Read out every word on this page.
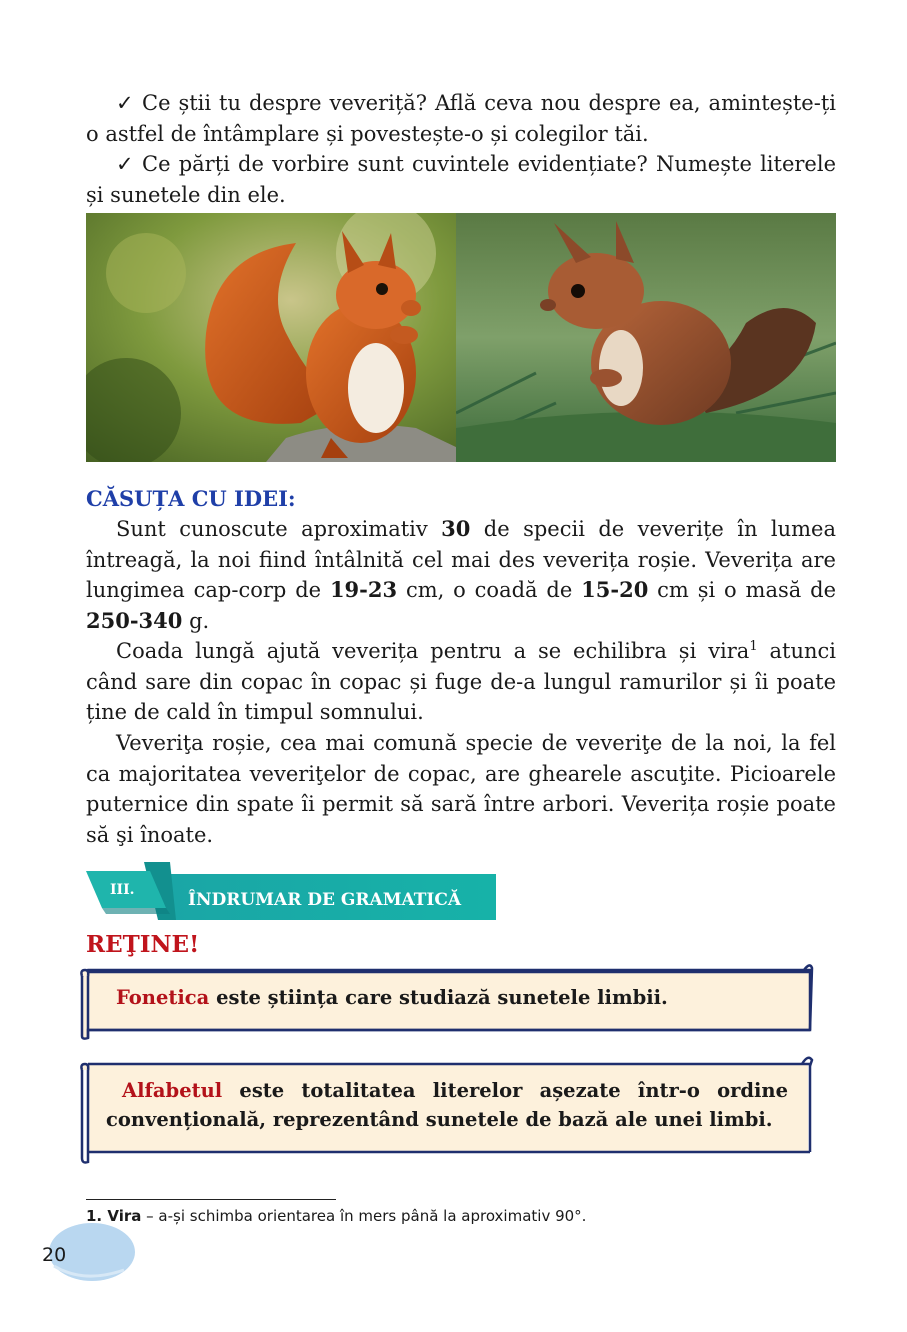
✓ Ce știi tu despre veveriță? Află ceva nou despre ea, amintește-ți o astfel de întâmplare și povestește-o și colegilor tăi.

✓ Ce părți de vorbire sunt cuvintele evidențiate? Numește literele și sunetele din ele.

CĂSUȚA CU IDEI:

Sunt cunoscute aproximativ 30 de specii de veverițe în lumea întreagă, la noi fiind întâlnită cel mai des veverița roșie. Veverița are lungimea cap-corp de 19-23 cm, o coadă de 15-20 cm și o masă de 250-340 g.

Coada lungă ajută veverița pentru a se echilibra și vira$^1$ atunci când sare din copac în copac și fuge de-a lungul ramurilor și îi poate ține de cald în timpul somnului.

Veveriţa roșie, cea mai comună specie de veveriţe de la noi, la fel ca majoritatea veveriţelor de copac, are ghearele ascuţite. Picioarele puternice din spate îi permit să sară între arbori. Veverița roșie poate să şi înoate.

III.	ÎNDRUMAR DE GRAMATICĂ
REŢINE!

Fonetica este știința care studiază sunetele limbii.

Alfabetul este totalitatea literelor așezate într-o ordine convențională, reprezentând sunetele de bază ale unei limbi.

1. Vira – a-și schimba orientarea în mers până la aproximativ 90°.

20
